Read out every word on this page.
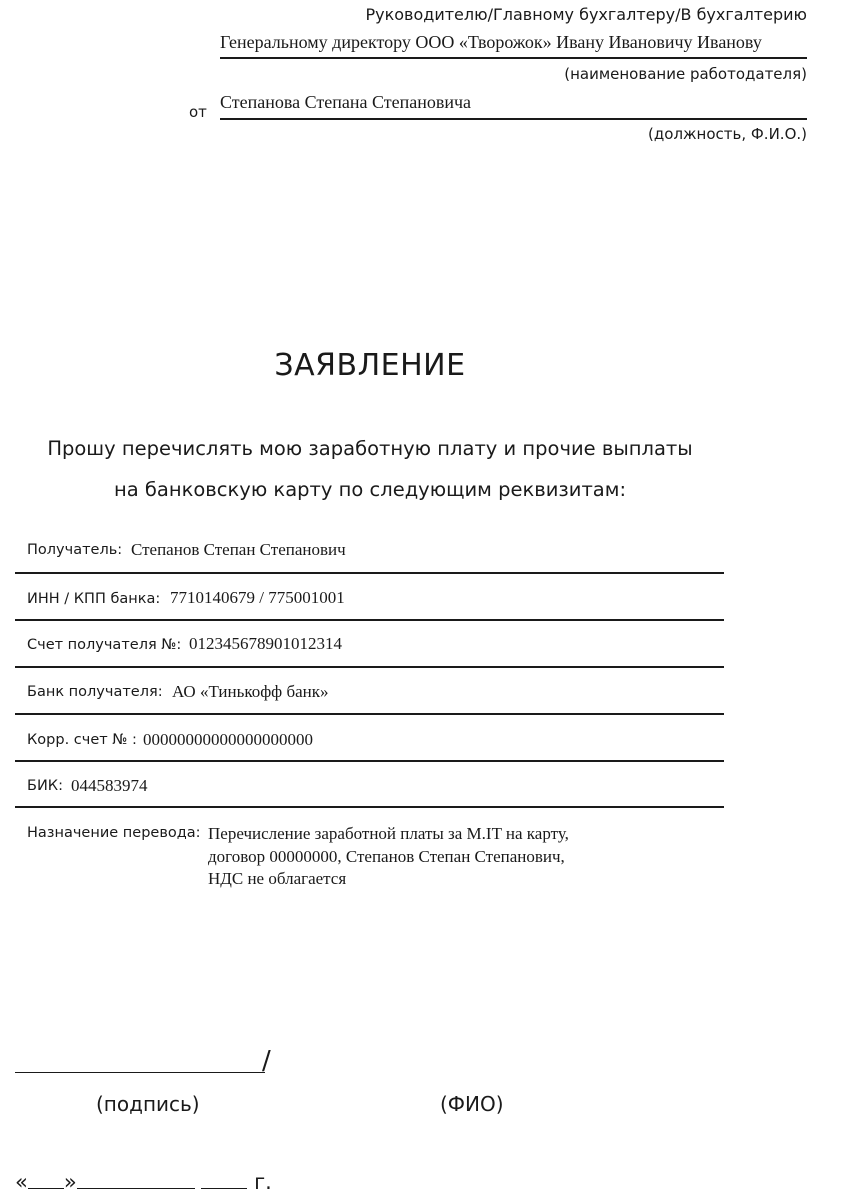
Руководителю/Главному бухгалтеру/В бухгалтерию
Генеральному директору ООО «Творожок» Ивану Ивановичу Иванову
(наименование работодателя)
от Степанова Степана Степановича
(должность, Ф.И.О.)
ЗАЯВЛЕНИЕ
Прошу перечислять мою заработную плату и прочие выплаты
на банковскую карту по следующим реквизитам:
Получатель: Степанов Степан Степанович
ИНН / КПП банка: 7710140679 / 775001001
Счет получателя №: 012345678901012314
Банк получателя: АО «Тинькофф банк»
Корр. счет № : 00000000000000000000
БИК: 044583974
Назначение перевода: Перечисление заработной платы за М.IT на карту,
договор 00000000, Степанов Степан Степанович,
НДС не облагается
/
(подпись)	(ФИО)
« »	г.
